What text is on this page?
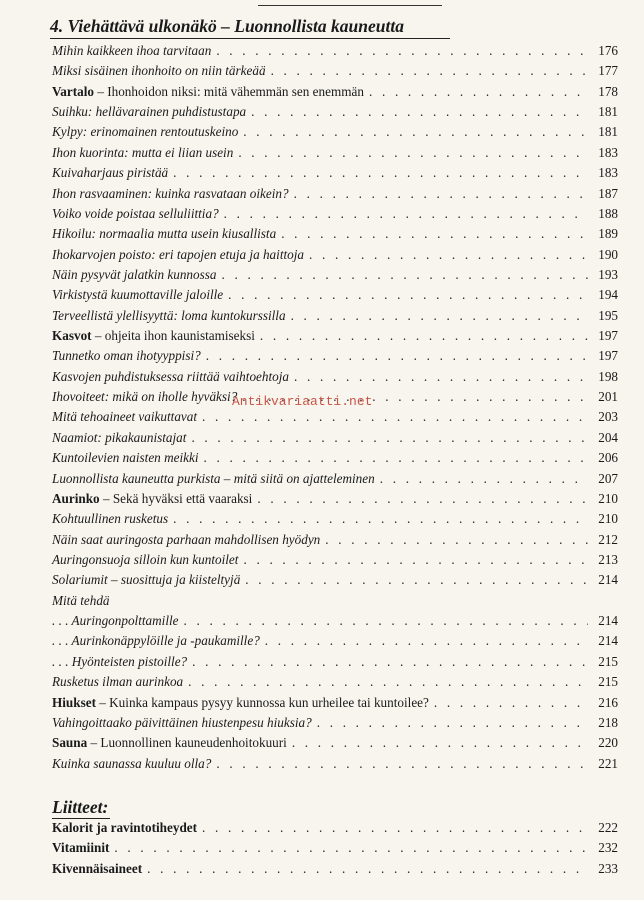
4. Viehättävä ulkonäkö – Luonnollista kauneutta
Mihin kaikkeen ihoa tarvitaan . . .	176
Miksi sisäinen ihonhoito on niin tärkeää . . .	177
Vartalo – Ihonhoidon niksi: mitä vähemmän sen enemmän . . .	178
Suihku: hellävarainen puhdistustapa . . .	181
Kylpy: erinomainen rentoutuskeino . . .	181
Ihon kuorinta: mutta ei liian usein . . .	183
Kuivaharjaus piristää . . .	183
Ihon rasvaaminen: kuinka rasvataan oikein? . . .	187
Voiko voide poistaa selluliittia? . . .	188
Hikoilu: normaalia mutta usein kiusallista . . .	189
Ihokarvojen poisto: eri tapojen etuja ja haittoja . . .	190
Näin pysyvät jalatkin kunnossa . . .	193
Virkistystä kuumottaville jaloille . . .	194
Terveellistä ylellisyyttä: loma kuntokurssilla . . .	195
Kasvot – ohjeita ihon kaunistamiseksi . . .	197
Tunnetko oman ihotyyppisi? . . .	197
Kasvojen puhdistuksessa riittää vaihtoehtoja . . .	198
Ihovoiteet: mikä on iholle hyväksi? . . .	201
Mitä tehoaineet vaikuttavat . . .	203
Naamiot: pikakaunistajat . . .	204
Kuntoilevien naisten meikki . . .	206
Luonnollista kauneutta purkista – mitä siitä on ajatteleminen . . .	207
Aurinko – Sekä hyväksi että vaaraksi . . .	210
Kohtuullinen rusketus . . .	210
Näin saat auringosta parhaan mahdollisen hyödyn . . .	212
Auringonsuoja silloin kun kuntoilet . . .	213
Solariumit – suosittuja ja kiisteltyjä . . .	214
Mitä tehdä
. . . Auringonpolttamille . . .	214
. . . Aurinkonäppylöille ja -paukamille? . . .	214
. . . Hyönteisten pistoille? . . .	215
Rusketus ilman aurinkoa . . .	215
Hiukset – Kuinka kampaus pysyy kunnossa kun urheilee tai kuntoilee? . . .	216
Vahingoittaako päivittäinen hiustenpesu hiuksia? . . .	218
Sauna – Luonnollinen kauneudenhoitokuuri . . .	220
Kuinka saunassa kuuluu olla? . . .	221
Antikvariaatti.net
Liitteet:
Kalorit ja ravintotiheydet . . .	222
Vitamiinit . . .	232
Kivennäisaineet . . .	233
